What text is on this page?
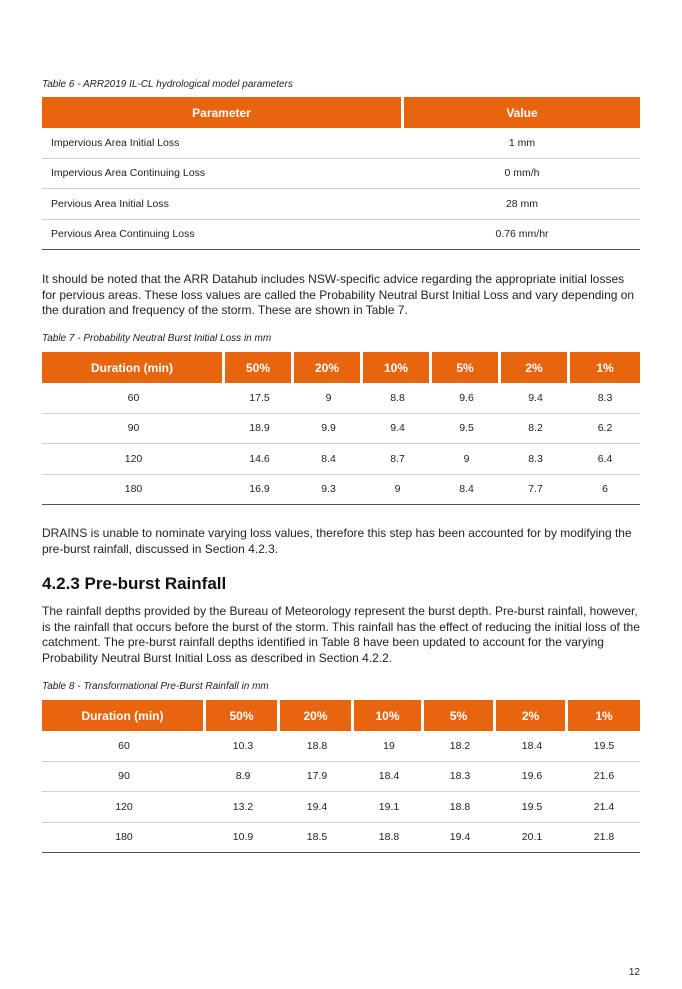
Table 6 - ARR2019 IL-CL hydrological model parameters

Parameter	Value
Impervious Area Initial Loss	1 mm
Impervious Area Continuing Loss	0 mm/h
Pervious Area Initial Loss	28 mm
Pervious Area Continuing Loss	0.76 mm/hr

It should be noted that the ARR Datahub includes NSW-specific advice regarding the appropriate initial losses for pervious areas. These loss values are called the Probability Neutral Burst Initial Loss and vary depending on the duration and frequency of the storm. These are shown in Table 7.

Table 7 - Probability Neutral Burst Initial Loss in mm

Duration (min)	50%	20%	10%	5%	2%	1%
60	17.5	9	8.8	9.6	9.4	8.3
90	18.9	9.9	9.4	9.5	8.2	6.2
120	14.6	8.4	8.7	9	8.3	6.4
180	16.9	9.3	9	8.4	7.7	6

DRAINS is unable to nominate varying loss values, therefore this step has been accounted for by modifying the pre-burst rainfall, discussed in Section 4.2.3.

4.2.3 Pre-burst Rainfall

The rainfall depths provided by the Bureau of Meteorology represent the burst depth. Pre-burst rainfall, however, is the rainfall that occurs before the burst of the storm. This rainfall has the effect of reducing the initial loss of the catchment. The pre-burst rainfall depths identified in Table 8 have been updated to account for the varying Probability Neutral Burst Initial Loss as described in Section 4.2.2.

Table 8 - Transformational Pre-Burst Rainfall in mm

Duration (min)	50%	20%	10%	5%	2%	1%
60	10.3	18.8	19	18.2	18.4	19.5
90	8.9	17.9	18.4	18.3	19.6	21.6
120	13.2	19.4	19.1	18.8	19.5	21.4
180	10.9	18.5	18.8	19.4	20.1	21.8
12
